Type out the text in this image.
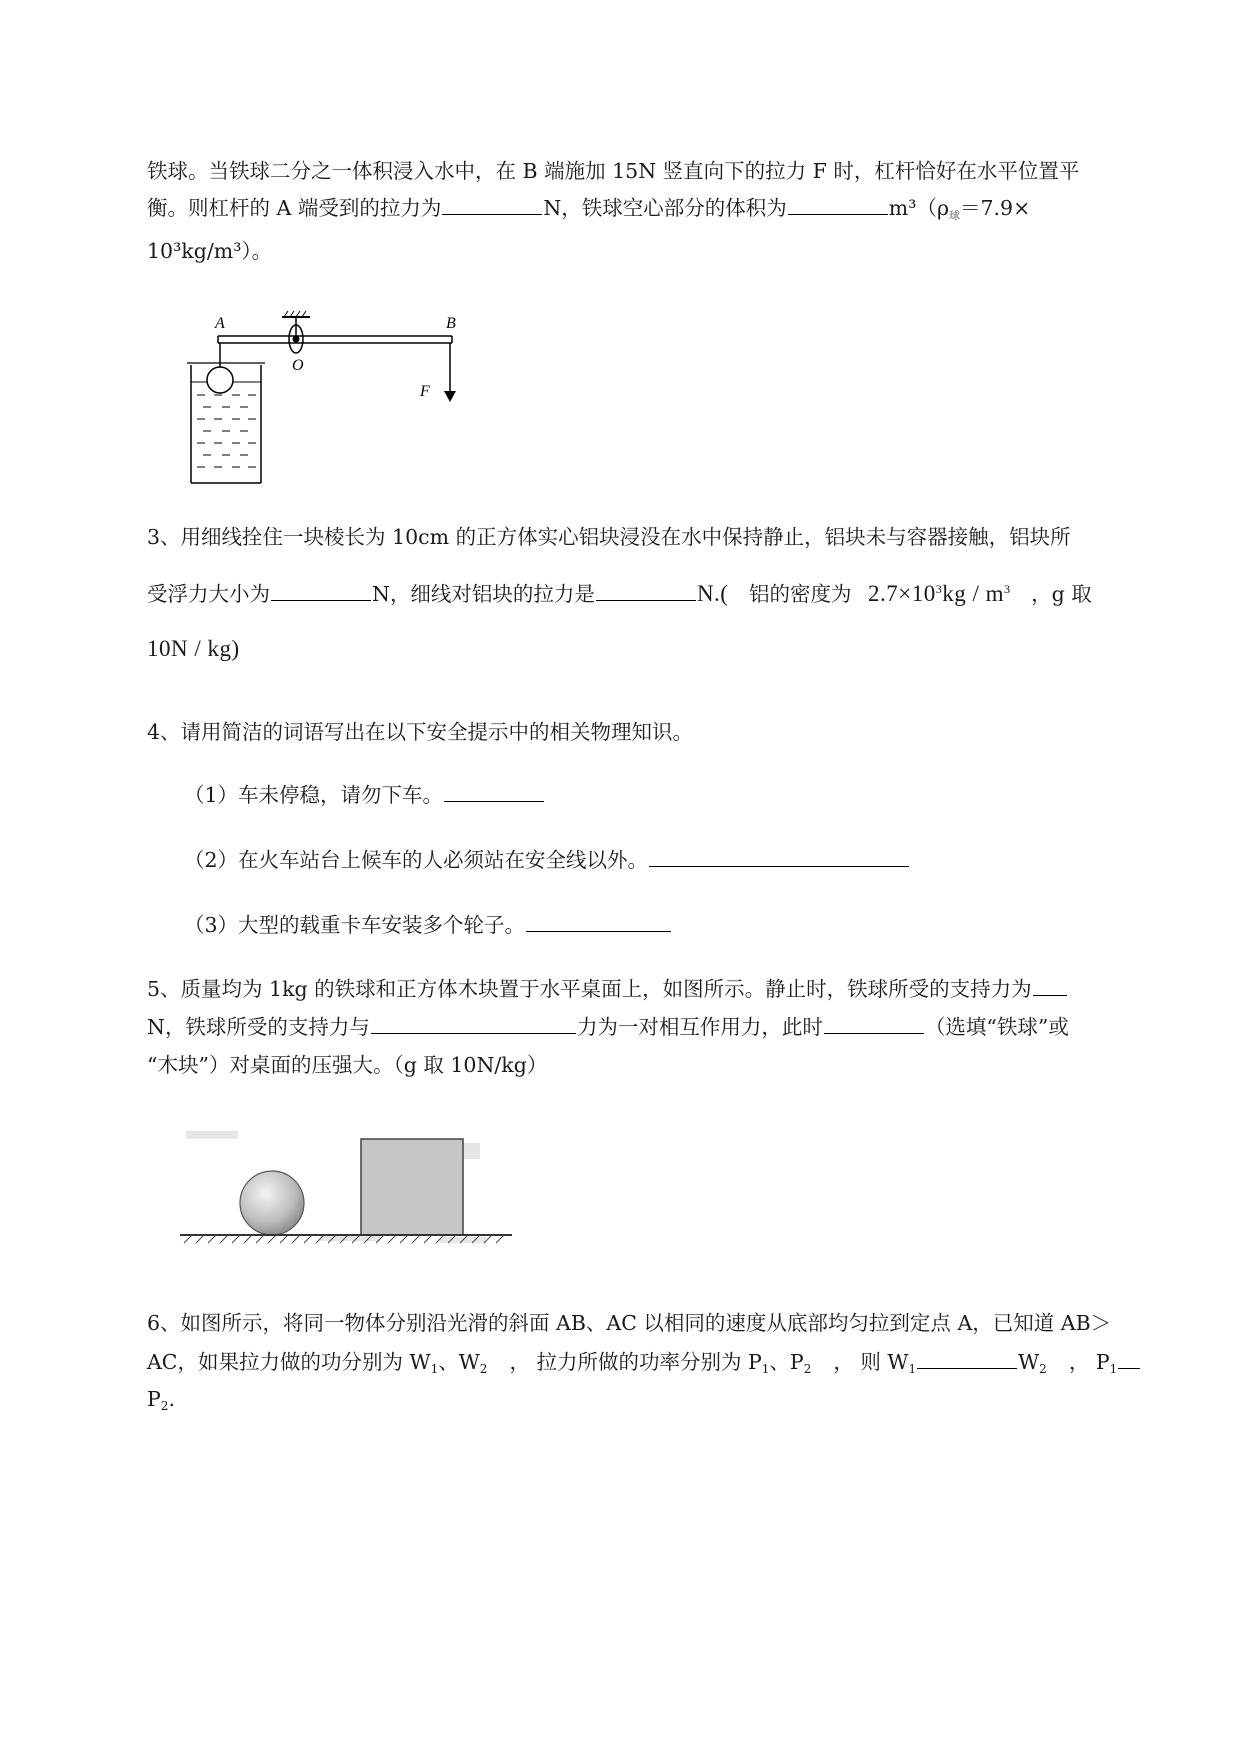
铁球。当铁球二分之一体积浸入水中，在 B 端施加 15N 竖直向下的拉力 F 时，杠杆恰好在水平位置平
衡。则杠杆的 A 端受到的拉力为	N，铁球空心部分的体积为	m³（ρ球＝7.9×
10³kg/m³）。
A	B
O
F
3、用细线拴住一块棱长为 10cm 的正方体实心铝块浸没在水中保持静止，铝块未与容器接触，铝块所
受浮力大小为	N，细线对铝块的拉力是	N.( 铝的密度为 $2.7\times 10^3kg / m^3$ ，g 取
10N / kg)
4、请用简洁的词语写出在以下安全提示中的相关物理知识。
（1）车未停稳，请勿下车。
（2）在火车站台上候车的人必须站在安全线以外。
（3）大型的载重卡车安装多个轮子。
5、质量均为 1kg 的铁球和正方体木块置于水平桌面上，如图所示。静止时，铁球所受的支持力为
N，铁球所受的支持力与	力为一对相互作用力，此时	（选填“铁球”或
“木块”）对桌面的压强大。（g 取 10N/kg）
6、如图所示，将同一物体分别沿光滑的斜面 AB、AC 以相同的速度从底部均匀拉到定点 A，已知道 AB＞
AC，如果拉力做的功分别为 $W_1$、$W_2$ ， 拉力所做的功率分别为 $P_1$、$P_2$ ， 则 $W_1$	$W_2$ ， $P_1$
$P_2$.
